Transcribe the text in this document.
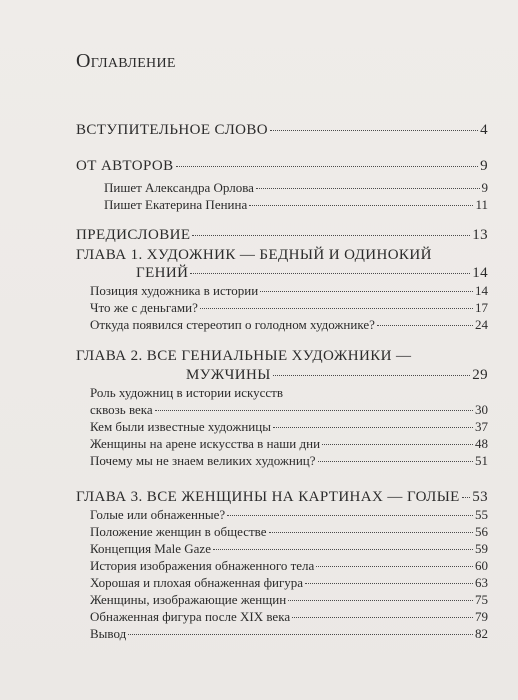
Оглавление
ВСТУПИТЕЛЬНОЕ СЛОВО	4
ОТ АВТОРОВ	9
Пишет Александра Орлова	9
Пишет Екатерина Пенина	11
ПРЕДИСЛОВИЕ	13
ГЛАВА 1. ХУДОЖНИК — БЕДНЫЙ И ОДИНОКИЙ
ГЕНИЙ	14
Позиция художника в истории	14
Что же с деньгами?	17
Откуда появился стереотип о голодном художнике?	24
ГЛАВА 2. ВСЕ ГЕНИАЛЬНЫЕ ХУДОЖНИКИ —
МУЖЧИНЫ	29
Роль художниц в истории искусств
сквозь века	30
Кем были известные художницы	37
Женщины на арене искусства в наши дни	48
Почему мы не знаем великих художниц?	51
ГЛАВА 3. ВСЕ ЖЕНЩИНЫ НА КАРТИНАХ — ГОЛЫЕ 53
Голые или обнаженные?	55
Положение женщин в обществе	56
Концепция Male Gaze	59
История изображения обнаженного тела	60
Хорошая и плохая обнаженная фигура	63
Женщины, изображающие женщин	75
Обнаженная фигура после XIX века	79
Вывод	82
